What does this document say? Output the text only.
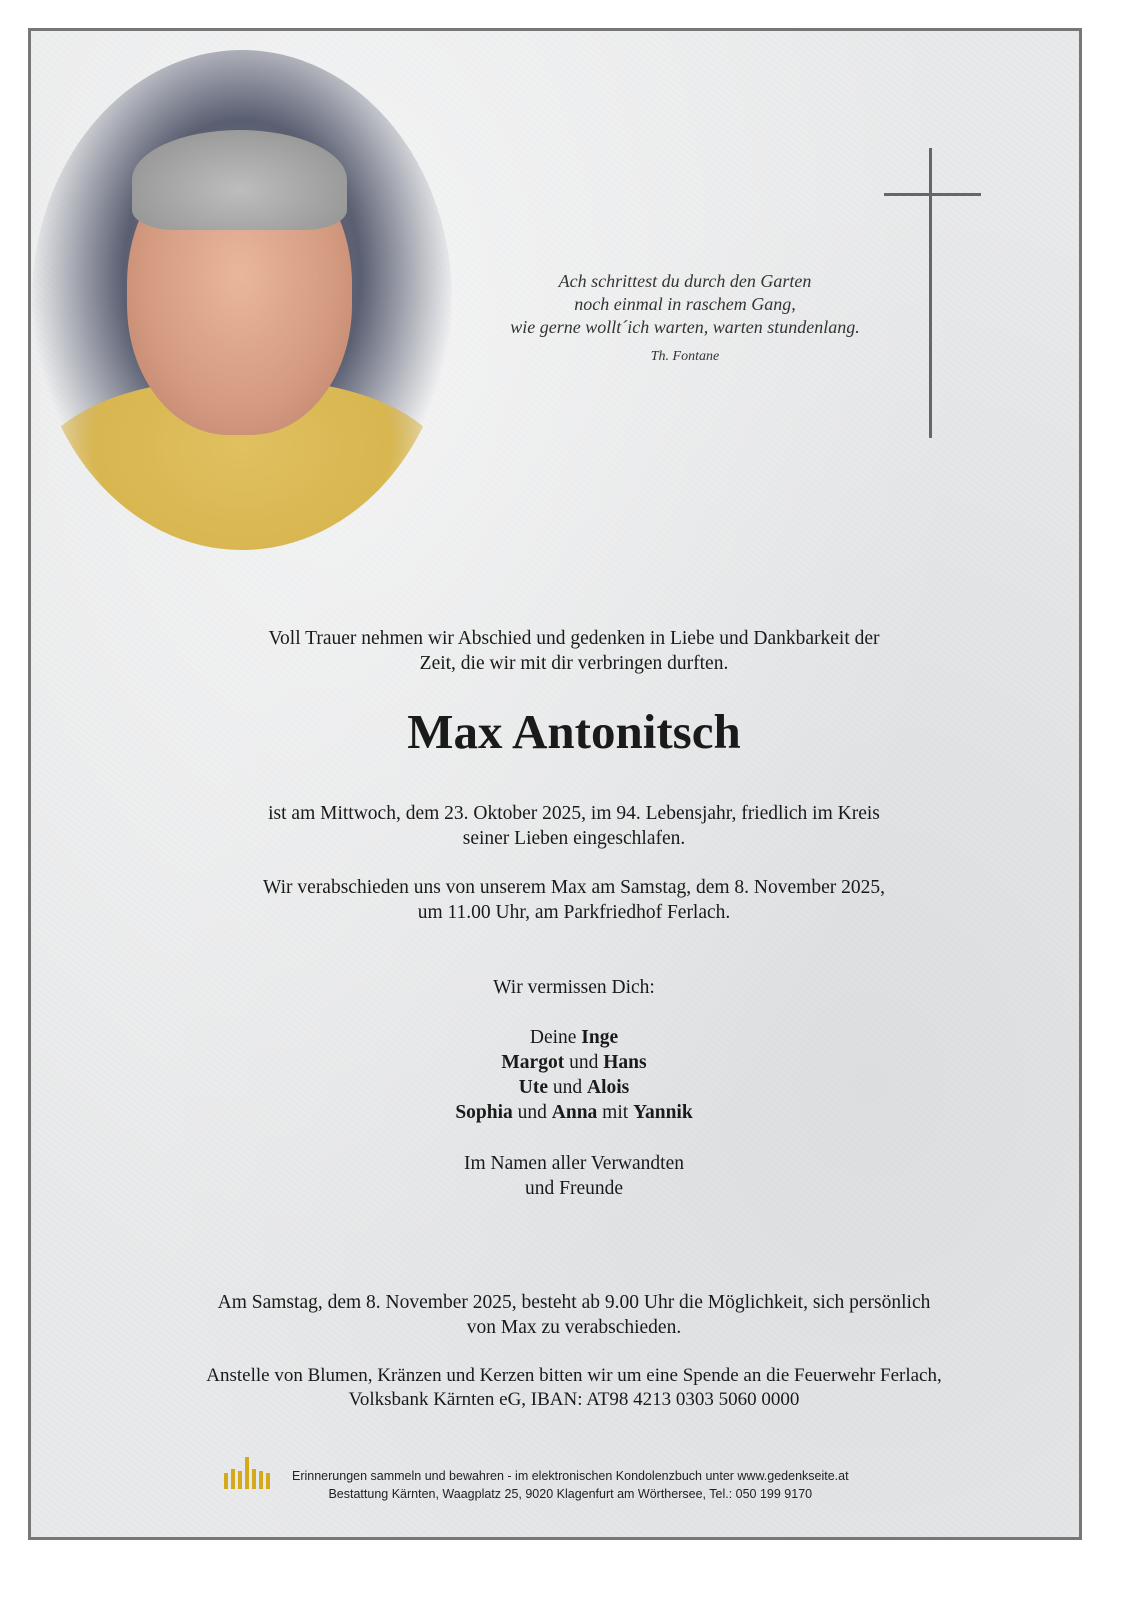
Ach schrittest du durch den Garten
noch einmal in raschem Gang,
wie gerne wollt´ich warten, warten stundenlang.
Th. Fontane
Voll Trauer nehmen wir Abschied und gedenken in Liebe und Dankbarkeit der
Zeit, die wir mit dir verbringen durften.
Max Antonitsch
ist am Mittwoch, dem 23. Oktober 2025, im 94. Lebensjahr, friedlich im Kreis
seiner Lieben eingeschlafen.
Wir verabschieden uns von unserem Max am Samstag, dem 8. November 2025,
um 11.00 Uhr, am Parkfriedhof Ferlach.
Wir vermissen Dich:
Deine Inge
Margot und Hans
Ute und Alois
Sophia und Anna mit Yannik
Im Namen aller Verwandten
und Freunde
Am Samstag, dem 8. November 2025, besteht ab 9.00 Uhr die Möglichkeit, sich persönlich
von Max zu verabschieden.
Anstelle von Blumen, Kränzen und Kerzen bitten wir um eine Spende an die Feuerwehr Ferlach,
Volksbank Kärnten eG, IBAN: AT98 4213 0303 5060 0000
Erinnerungen sammeln und bewahren - im elektronischen Kondolenzbuch unter www.gedenkseite.at
Bestattung Kärnten, Waagplatz 25, 9020 Klagenfurt am Wörthersee, Tel.: 050 199 9170
